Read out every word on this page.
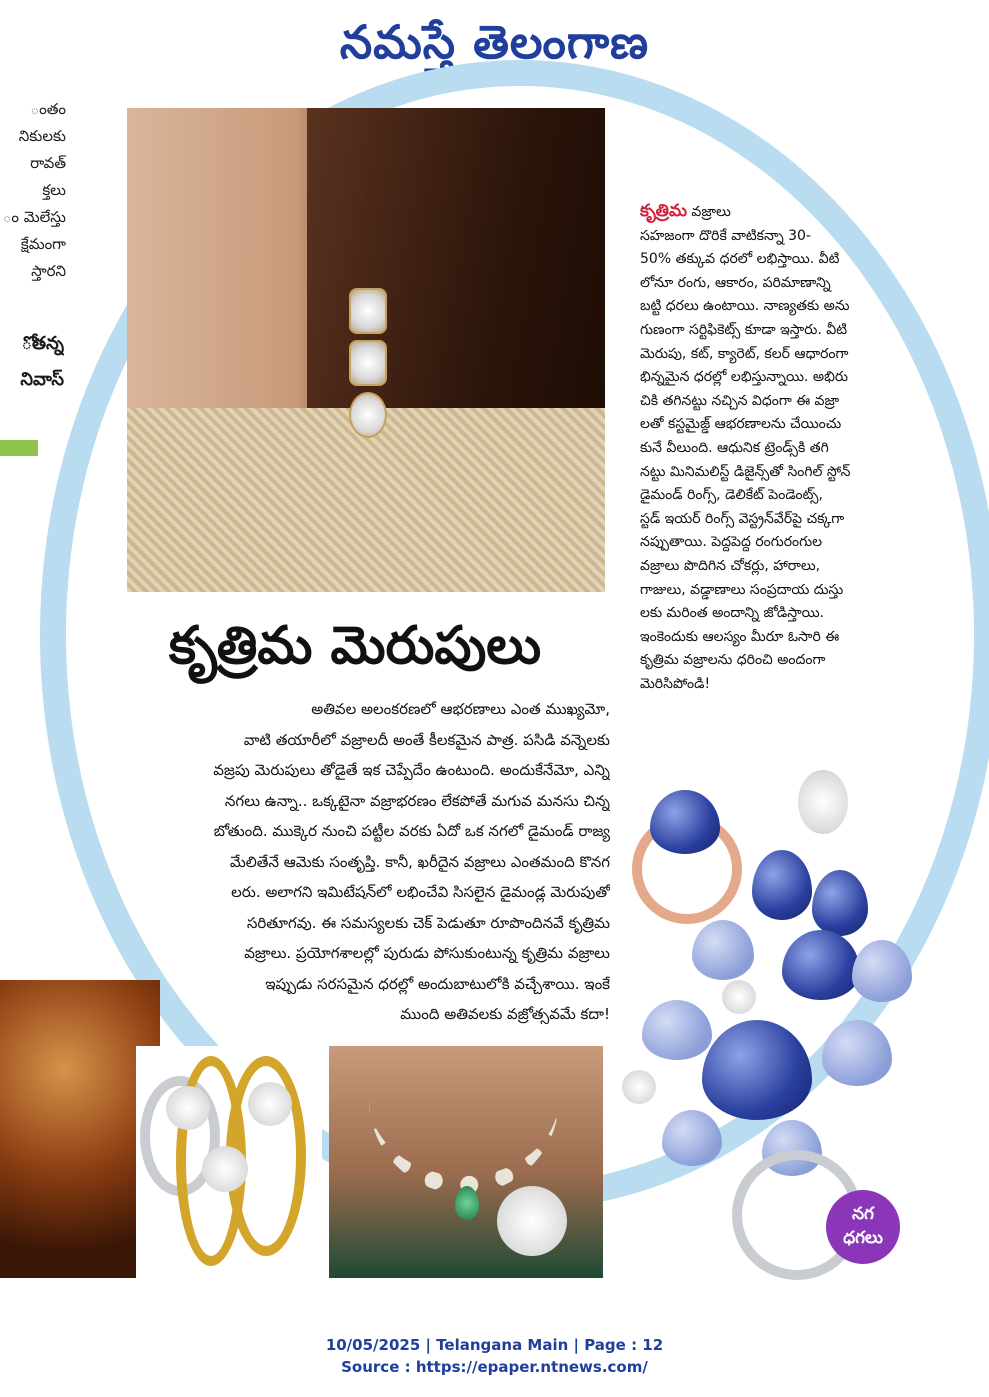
నమస్తే తెలంగాణ
ంతం
నికులకు
రావత్
క్తలు
ం మెలేస్తు
క్షేమంగా
స్తారని
ోతన్న
నివాస్
కృత్రిమ మెరుపులు
అతివల అలంకరణలో ఆభరణాలు ఎంత ముఖ్యమో,
వాటి తయారీలో వజ్రాలదీ అంతే కీలకమైన పాత్ర. పసిడి వన్నెలకు
వజ్రపు మెరుపులు తోడైతే ఇక చెప్పేదేం ఉంటుంది. అందుకేనేమో, ఎన్ని
నగలు ఉన్నా.. ఒక్కటైనా వజ్రాభరణం లేకపోతే మగువ మనసు చిన్న
బోతుంది. ముక్కెర నుంచి పట్టీల వరకు ఏదో ఒక నగలో డైమండ్ రాజ్య
మేలితేనే ఆమెకు సంతృప్తి. కానీ, ఖరీదైన వజ్రాలు ఎంతమంది కొనగ
లరు. అలాగని ఇమిటేషన్‌లో లభించేవి సిసలైన డైమండ్ల మెరుపుతో
సరితూగవు. ఈ సమస్యలకు చెక్ పెడుతూ రూపొందినవే కృత్రిమ
వజ్రాలు. ప్రయోగశాలల్లో పురుడు పోసుకుంటున్న కృత్రిమ వజ్రాలు
ఇప్పుడు సరసమైన ధరల్లో అందుబాటులోకి వచ్చేశాయి. ఇంకే
ముంది అతివలకు వజ్రోత్సవమే కదా!
కృత్రిమ వజ్రాలు
సహజంగా దొరికే వాటికన్నా 30-
50% తక్కువ ధరలో లభిస్తాయి. వీటి
లోనూ రంగు, ఆకారం, పరిమాణాన్ని
బట్టి ధరలు ఉంటాయి. నాణ్యతకు అను
గుణంగా సర్టిఫికెట్స్ కూడా ఇస్తారు. వీటి
మెరుపు, కట్, క్యారెట్, కలర్ ఆధారంగా
భిన్నమైన ధరల్లో లభిస్తున్నాయి. అభిరు
చికి తగినట్టు నచ్చిన విధంగా ఈ వజ్రా
లతో కస్టమైజ్డ్ ఆభరణాలను చేయించు
కునే వీలుంది. ఆధునిక ట్రెండ్స్‌కి తగి
నట్టు మినిమలిస్ట్ డిజైన్స్‌తో సింగిల్ స్టోన్
డైమండ్ రింగ్స్, డెలికేట్ పెండెంట్స్,
స్టడ్ ఇయర్ రింగ్స్ వెస్ట్రన్‌వేర్‌పై చక్కగా
నప్పుతాయి. పెద్దపెద్ద రంగురంగుల
వజ్రాలు పొదిగిన చోకర్లు, హారాలు,
గాజులు, వడ్డాణాలు సంప్రదాయ దుస్తు
లకు మరింత అందాన్ని జోడిస్తాయి.
ఇంకెందుకు ఆలస్యం మీరూ ఓసారి ఈ
కృత్రిమ వజ్రాలను ధరించి అందంగా
మెరిసిపోండి!
నగ
ధగలు
10/05/2025 | Telangana Main | Page : 12
Source : https://epaper.ntnews.com/
